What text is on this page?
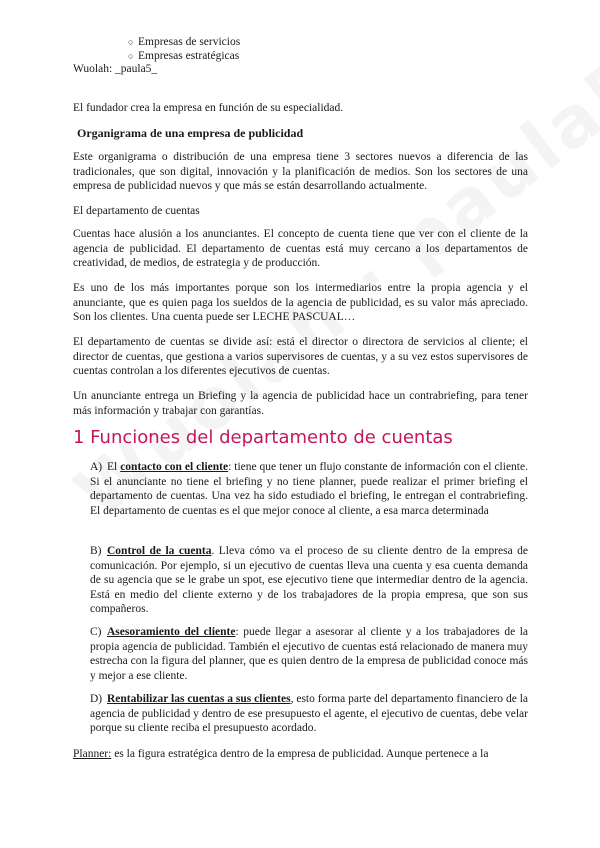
○ Empresas de servicios
○ Empresas estratégicas
Wuolah: _paula5_

El fundador crea la empresa en función de su especialidad.

Organigrama de una empresa de publicidad

Este organigrama o distribución de una empresa tiene 3 sectores nuevos a diferencia de las tradicionales, que son digital, innovación y la planificación de medios. Son los sectores de una empresa de publicidad nuevos y que más se están desarrollando actualmente.

El departamento de cuentas

Cuentas hace alusión a los anunciantes. El concepto de cuenta tiene que ver con el cliente de la agencia de publicidad. El departamento de cuentas está muy cercano a los departamentos de creatividad, de medios, de estrategia y de producción.

Es uno de los más importantes porque son los intermediarios entre la propia agencia y el anunciante, que es quien paga los sueldos de la agencia de publicidad, es su valor más apreciado. Son los clientes. Una cuenta puede ser LECHE PASCUAL…

El departamento de cuentas se divide así: está el director o directora de servicios al cliente; el director de cuentas, que gestiona a varios supervisores de cuentas, y a su vez estos supervisores de cuentas controlan a los diferentes ejecutivos de cuentas.

Un anunciante entrega un Briefing y la agencia de publicidad hace un contrabriefing, para tener más información y trabajar con garantías.

1 Funciones del departamento de cuentas

A) El contacto con el cliente: tiene que tener un flujo constante de información con el cliente. Si el anunciante no tiene el briefing y no tiene planner, puede realizar el primer briefing el departamento de cuentas. Una vez ha sido estudiado el briefing, le entregan el contrabriefing. El departamento de cuentas es el que mejor conoce al cliente, a esa marca determinada

B) Control de la cuenta. Lleva cómo va el proceso de su cliente dentro de la empresa de comunicación. Por ejemplo, si un ejecutivo de cuentas lleva una cuenta y esa cuenta demanda de su agencia que se le grabe un spot, ese ejecutivo tiene que intermediar dentro de la agencia. Está en medio del cliente externo y de los trabajadores de la propia empresa, que son sus compañeros.

C) Asesoramiento del cliente: puede llegar a asesorar al cliente y a los trabajadores de la propia agencia de publicidad. También el ejecutivo de cuentas está relacionado de manera muy estrecha con la figura del planner, que es quien dentro de la empresa de publicidad conoce más y mejor a ese cliente.

D) Rentabilizar las cuentas a sus clientes, esto forma parte del departamento financiero de la agencia de publicidad y dentro de ese presupuesto el agente, el ejecutivo de cuentas, debe velar porque su cliente reciba el presupuesto acordado.

Planner: es la figura estratégica dentro de la empresa de publicidad. Aunque pertenece a la
